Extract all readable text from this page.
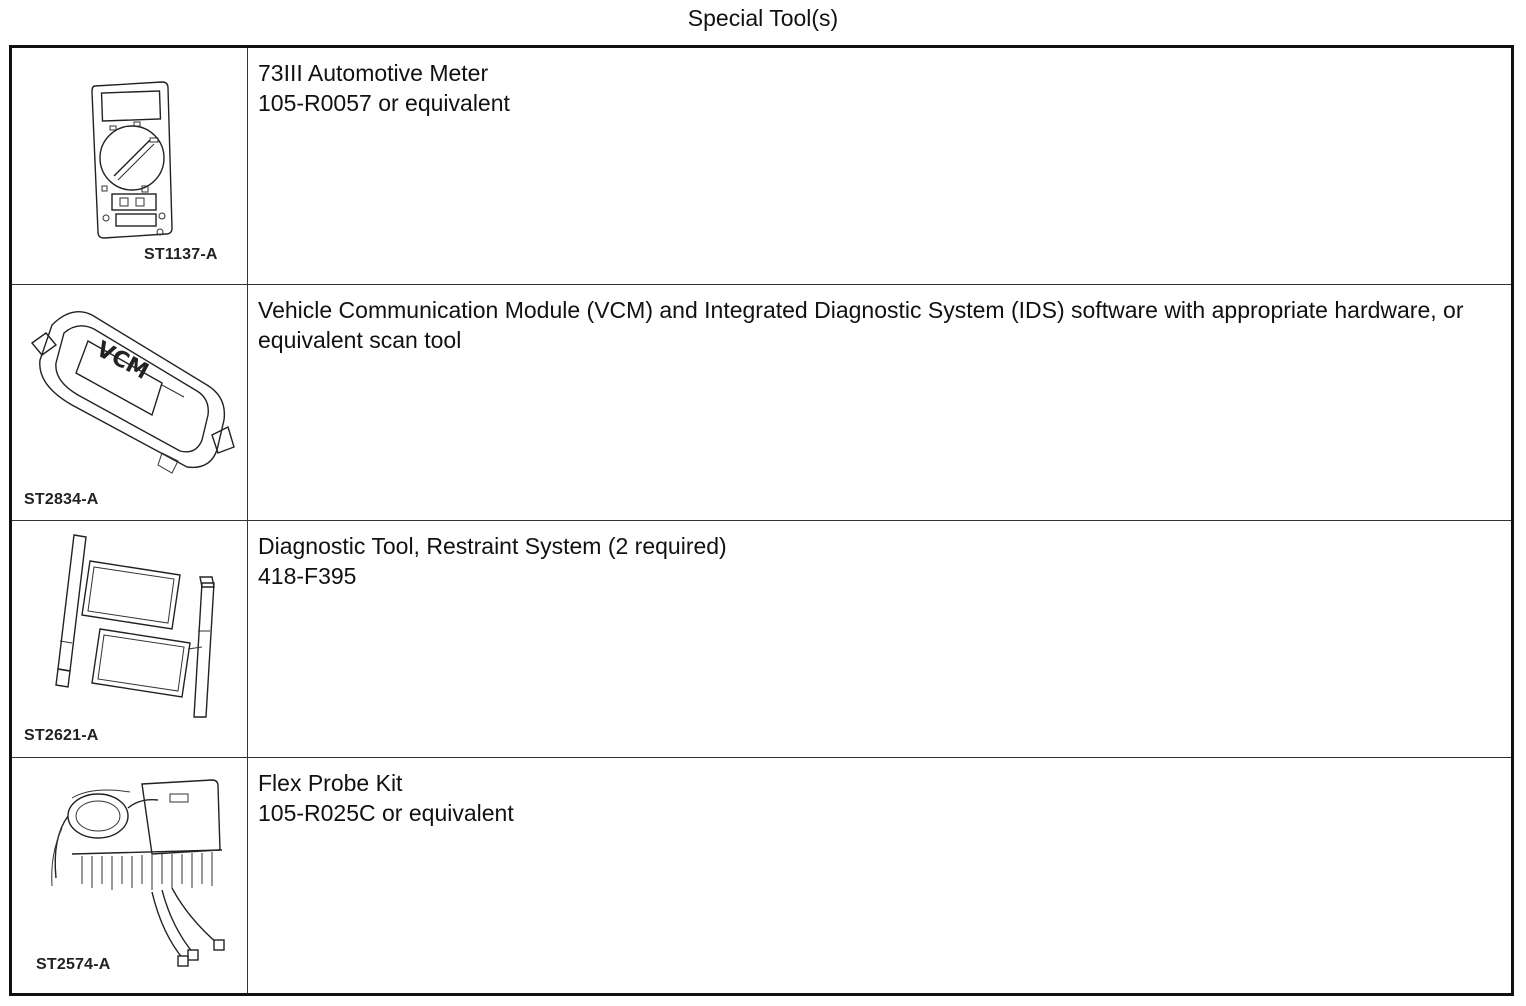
Special Tool(s)
ST1137-A
73III Automotive Meter
105-R0057 or equivalent
VCM
ST2834-A
Vehicle Communication Module (VCM) and Integrated Diagnostic System (IDS) software with appropriate hardware, or equivalent scan tool
ST2621-A
Diagnostic Tool, Restraint System (2 required)
418-F395
ST2574-A
Flex Probe Kit
105-R025C or equivalent
